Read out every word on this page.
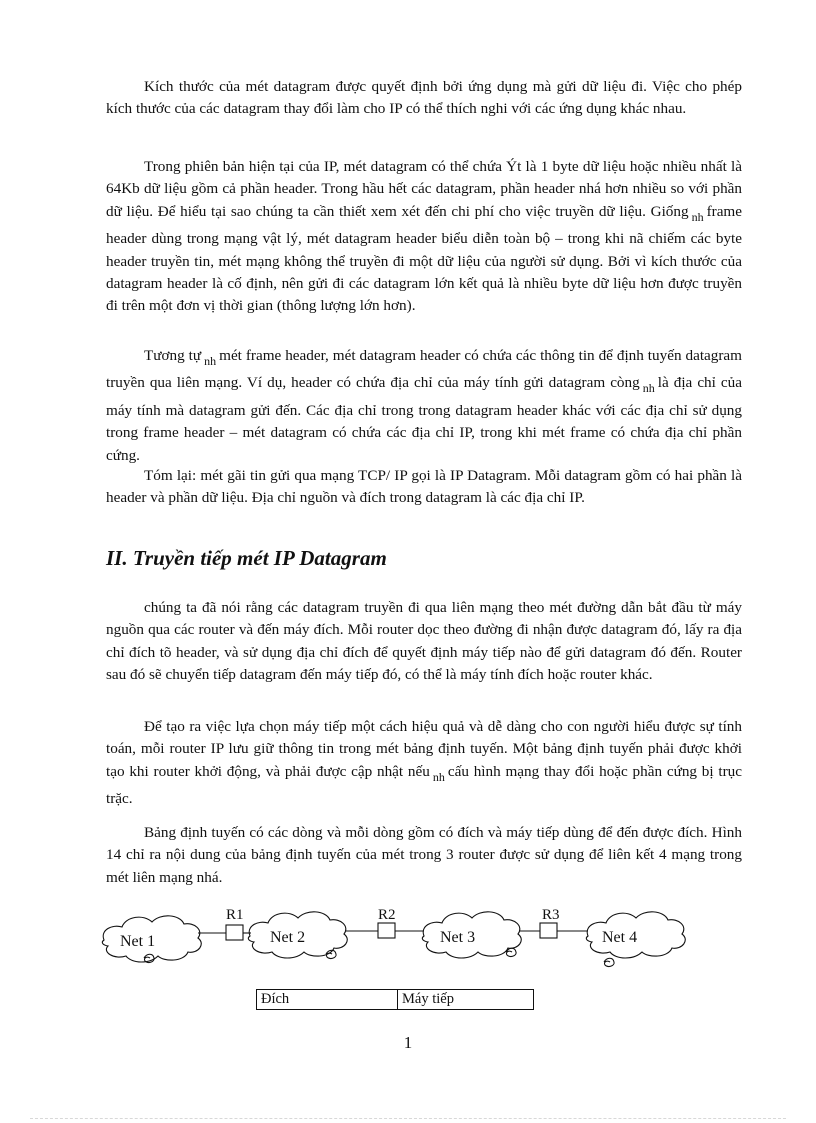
Kích thước của mét datagram được quyết định bởi ứng dụng mà gửi dữ liệu đi. Việc cho phép kích thước của các datagram thay đổi làm cho IP có thể thích nghi với các ứng dụng khác nhau.

Trong phiên bản hiện tại của IP, mét datagram có thể chứa Ýt là 1 byte dữ liệu hoặc nhiều nhất là 64Kb dữ liệu gồm cả phần header. Trong hầu hết các datagram, phần header nhá hơn nhiều so với phần dữ liệu. Để hiểu tại sao chúng ta cần thiết xem xét đến chi phí cho việc truyền dữ liệu. Giống $_{nh}$ frame header dùng trong mạng vật lý, mét datagram header biểu diễn toàn bộ – trong khi nã chiếm các byte header truyền tin, mét mạng không thể truyền đi một dữ liệu của người sử dụng. Bởi vì kích thước của datagram header là cố định, nên gửi đi các datagram lớn kết quả là nhiều byte dữ liệu hơn được truyền đi trên một đơn vị thời gian (thông lượng lớn hơn).

Tương tự $_{nh}$ mét frame header, mét datagram header có chứa các thông tin để định tuyến datagram truyền qua liên mạng. Ví dụ, header có chứa địa chỉ của máy tính gửi datagram còng $_{nh}$ là địa chỉ của máy tính mà datagram gửi đến. Các địa chỉ trong trong datagram header khác với các địa chỉ sử dụng trong frame header – mét datagram có chứa các địa chỉ IP, trong khi mét frame có chứa địa chỉ phần cứng.

Tóm lại: mét gãi tin gửi qua mạng TCP/ IP gọi là IP Datagram. Mỗi datagram gồm có hai phần là header và phần dữ liệu. Địa chỉ nguồn và đích trong datagram là các địa chỉ IP.

II. Truyền tiếp mét IP Datagram

chúng ta đã nói rằng các datagram truyền đi qua liên mạng theo mét đường dẫn bắt đầu từ máy nguồn qua các router và đến máy đích. Mỗi router dọc theo đường đi nhận được datagram đó, lấy ra địa chỉ đích tõ header, và sử dụng địa chỉ đích để quyết định máy tiếp nào để gửi datagram đó đến. Router sau đó sẽ chuyển tiếp datagram đến máy tiếp đó, có thể là máy tính đích hoặc router khác.

Để tạo ra việc lựa chọn máy tiếp một cách hiệu quả và dễ dàng cho con người hiểu được sự tính toán, mỗi router IP lưu giữ thông tin trong mét bảng định tuyến. Một bảng định tuyến phải được khởi tạo khi router khởi động, và phải được cập nhật nếu $_{nh}$ cấu hình mạng thay đổi hoặc phần cứng bị trục trặc.

Bảng định tuyến có các dòng và mỗi dòng gồm có đích và máy tiếp dùng để đến được đích. Hình 14 chỉ ra nội dung của bảng định tuyến của mét trong 3 router được sử dụng để liên kết 4 mạng trong mét liên mạng nhá.

Net 1	Net 2	Net 3	Net 4
R1	R2	R3
Đích	Máy tiếp
1
